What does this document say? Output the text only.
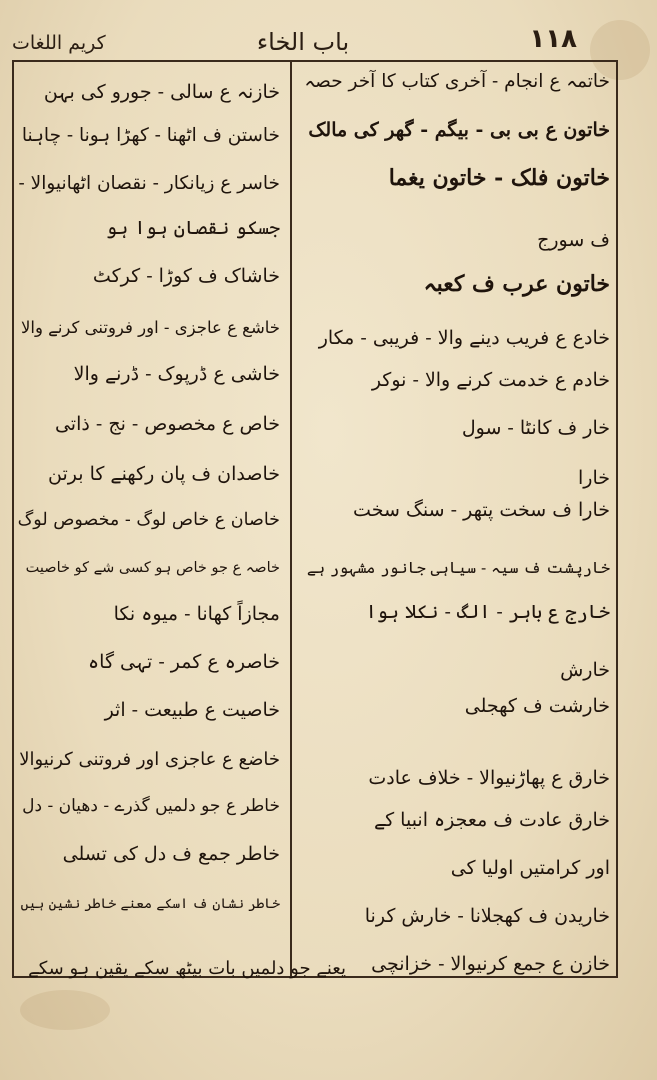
کریم اللغات	باب الخاء	۱۱۸
خاتمہ ع انجام - آخری کتاب کا آخر حصہ
خاتون ع بی بی - بیگم - گھر کی مالک
خاتون فلک - خاتون یغما
ف سورج
خاتون عرب ف کعبہ
خادع ع فریب دینے والا - فریبی - مکار
خادم ع خدمت کرنے والا - نوکر
خار ف کانٹا - سول
خارا
خارا ف سخت پتھر - سنگ سخت
خارپشت ف سیہ - سیاہی جانور مشہور ہے
خارج ع باہر - الگ - نکلا ہوا
خارش
خارشت ف کھجلی
خارق ع پھاڑنیوالا - خلاف عادت
خارق عادت ف معجزہ انبیا کے
اور کرامتیں اولیا کی
خاریدن ف کھجلانا - خارش کرنا
خازن ع جمع کرنیوالا - خزانچی
خازنہ ع سالی - جورو کی بہن
خاستن ف اٹھنا - کھڑا ہونا - چاہنا
خاسر ع زیانکار - نقصان اٹھانیوالا -
جسکو نقصان ہوا ہو
خاشاک ف کوڑا - کرکٹ
خاشع ع عاجزی - اور فروتنی کرنے والا
خاشی ع ڈرپوک - ڈرنے والا
خاص ع مخصوص - نج - ذاتی
خاصدان ف پان رکھنے کا برتن
خاصان ع خاص لوگ - مخصوص لوگ
خاصہ ع جو خاص ہو کسی شے کو خاصیت
مجازاً کھانا - میوہ نکا
خاصرہ ع کمر - تہی گاہ
خاصیت ع طبیعت - اثر
خاضع ع عاجزی اور فروتنی کرنیوالا
خاطر ع جو دلمیں گذرے - دھیان - دل
خاطر جمع ف دل کی تسلی
خاطر نشان ف اسکے معنے خاطر نشین ہیں
یعنے جو دلمیں بات بیٹھ سکے یقین ہو سکے
